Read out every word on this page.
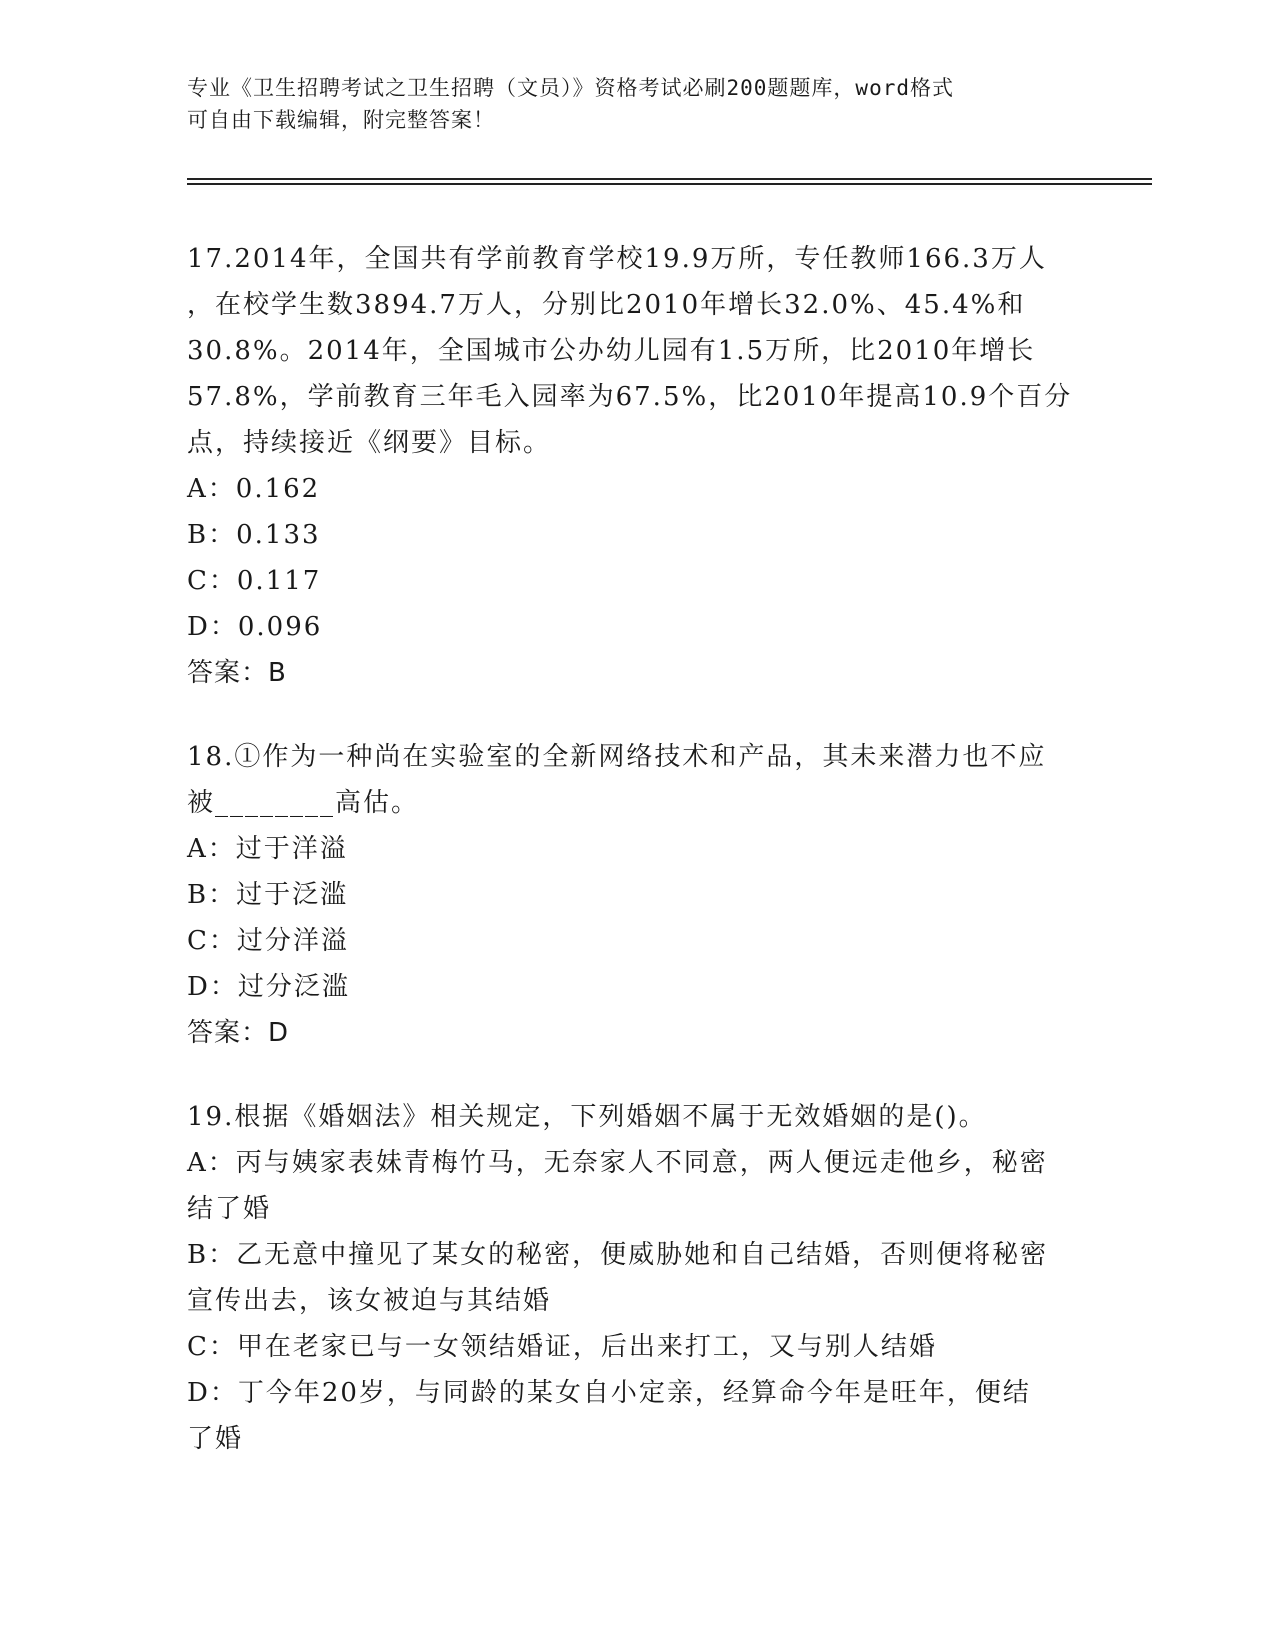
专业《卫生招聘考试之卫生招聘（文员）》资格考试必刷200题题库，word格式
可自由下载编辑，附完整答案！
17.2014年，全国共有学前教育学校19.9万所，专任教师166.3万人
，在校学生数3894.7万人，分别比2010年增长32.0%、45.4%和
30.8%。2014年，全国城市公办幼儿园有1.5万所，比2010年增长
57.8%，学前教育三年毛入园率为67.5%，比2010年提高10.9个百分
点，持续接近《纲要》目标。
A：0.162
B：0.133
C：0.117
D：0.096
答案：B
18.①作为一种尚在实验室的全新网络技术和产品，其未来潜力也不应
被________高估。
A：过于洋溢
B：过于泛滥
C：过分洋溢
D：过分泛滥
答案：D
19.根据《婚姻法》相关规定，下列婚姻不属于无效婚姻的是()。
A：丙与姨家表妹青梅竹马，无奈家人不同意，两人便远走他乡，秘密
结了婚
B：乙无意中撞见了某女的秘密，便威胁她和自己结婚，否则便将秘密
宣传出去，该女被迫与其结婚
C：甲在老家已与一女领结婚证，后出来打工，又与别人结婚
D：丁今年20岁，与同龄的某女自小定亲，经算命今年是旺年，便结
了婚
